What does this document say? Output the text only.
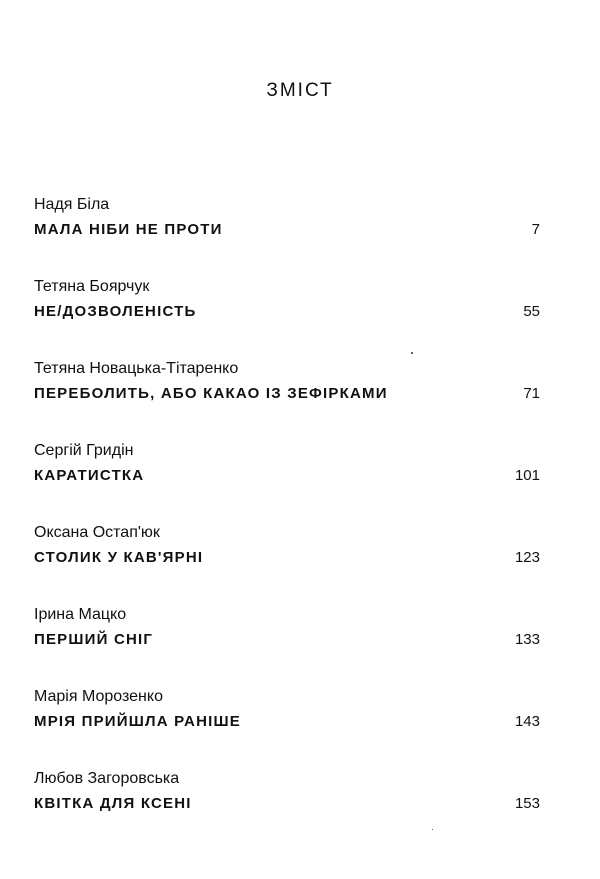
ЗМІСТ
Надя Біла
МАЛА НІБИ НЕ ПРОТИ	7
Тетяна Боярчук
НЕ/ДОЗВОЛЕНІСТЬ	55
Тетяна Новацька-Тітаренко
ПЕРЕБОЛИТЬ, АБО КАКАО ІЗ ЗЕФІРКАМИ	71
Сергій Гридін
КАРАТИСТКА	101
Оксана Остап'юк
СТОЛИК У КАВ'ЯРНІ	123
Ірина Мацко
ПЕРШИЙ СНІГ	133
Марія Морозенко
МРІЯ ПРИЙШЛА РАНІШЕ	143
Любов Загоровська
КВІТКА ДЛЯ КСЕНІ	153
